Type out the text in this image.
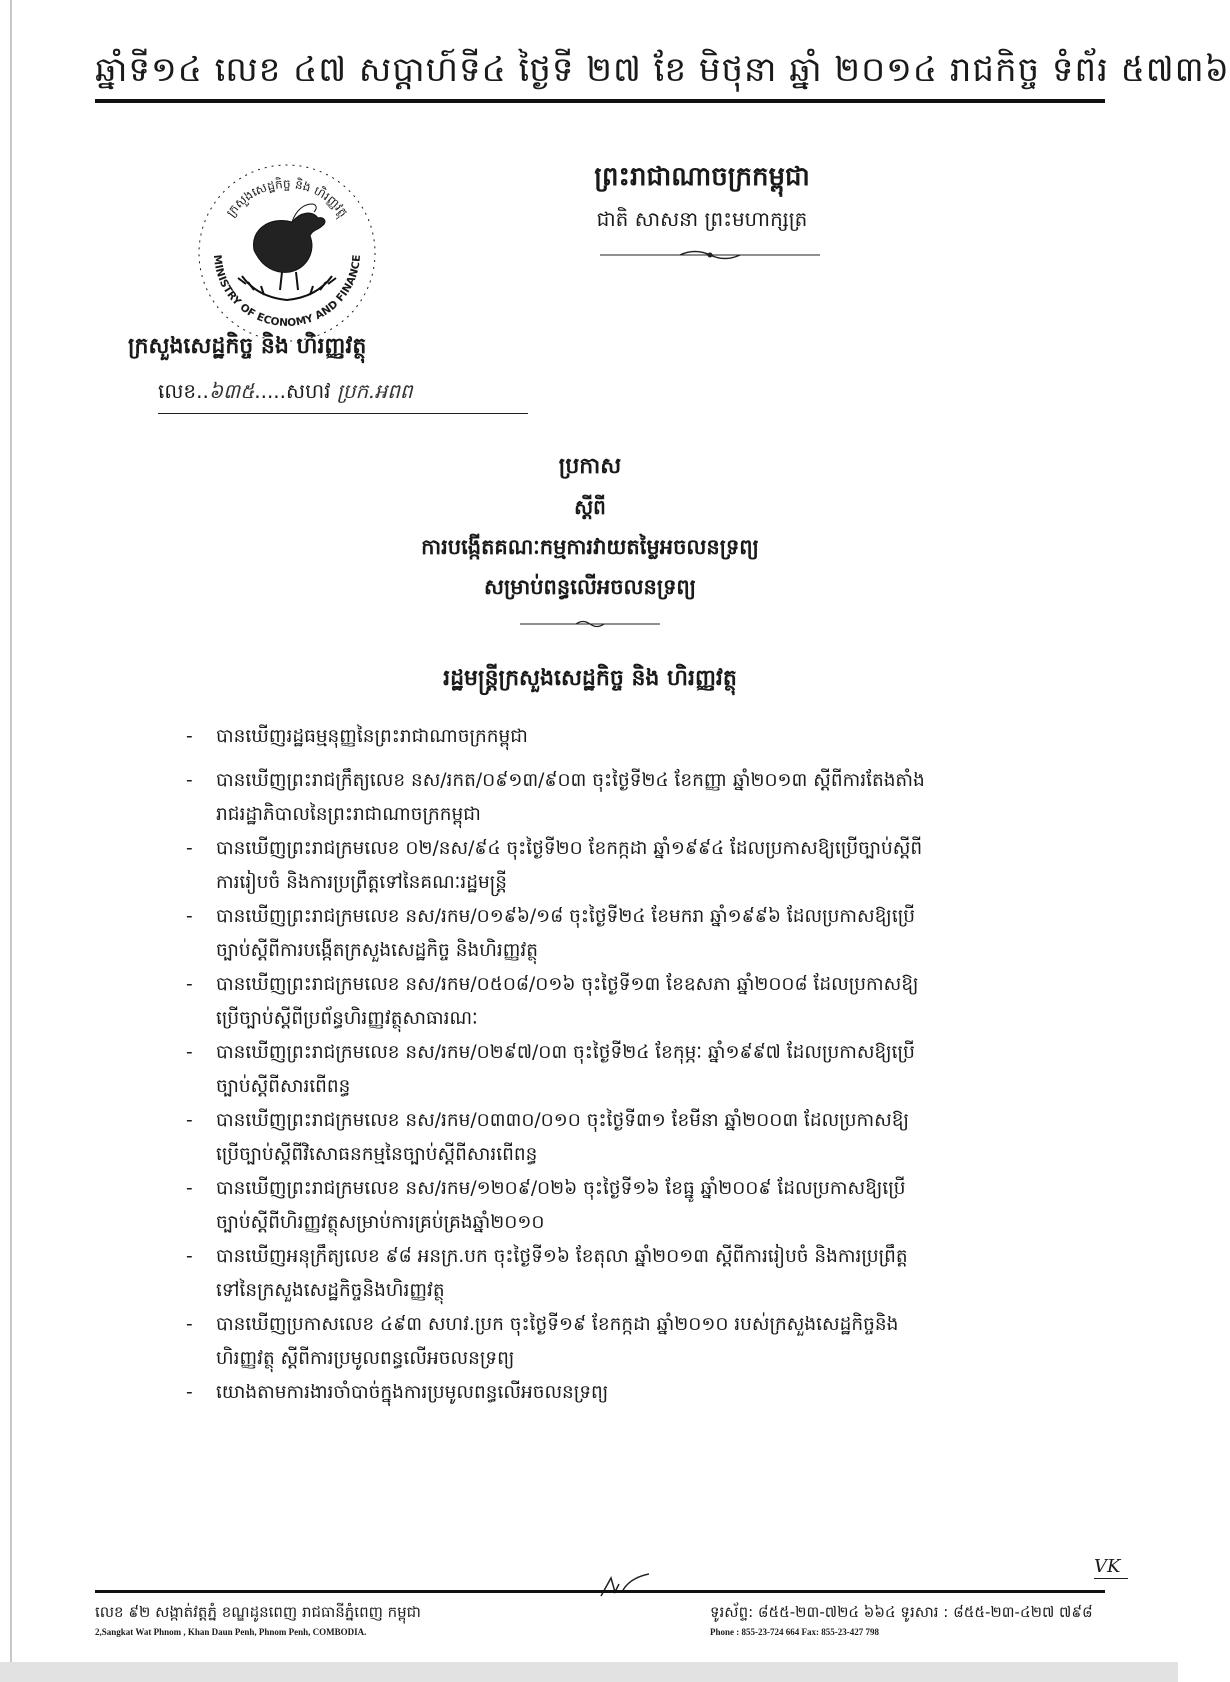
ឆ្នាំទី១៤ លេខ ៤៧ សប្តាហ៍ទី៤ ថ្ងៃទី ២៧ ខែ មិថុនា ឆ្នាំ ២០១៤ រាជកិច្ច ទំព័រ ៥៧៣៦
ក្រសួងសេដ្ឋកិច្ច និង ហិរញ្ញវត្ថុ
MINISTRY OF ECONOMY AND FINANCE
ក្រសួងសេដ្ឋកិច្ច និង ហិរញ្ញវត្ថុ
លេខ..៦៣៥.....សហវ ប្រក.អពព
ព្រះរាជាណាចក្រកម្ពុជា
ជាតិ សាសនា ព្រះមហាក្សត្រ
ប្រកាស
ស្តីពី
ការបង្កើតគណៈកម្មការវាយតម្លៃអចលនទ្រព្យ
សម្រាប់ពន្ធលើអចលនទ្រព្យ
រដ្ឋមន្ត្រីក្រសួងសេដ្ឋកិច្ច និង ហិរញ្ញវត្ថុ
- បានឃើញរដ្ឋធម្មនុញ្ញនៃព្រះរាជាណាចក្រកម្ពុជា
- បានឃើញព្រះរាជក្រឹត្យលេខ នស/រកត/០៩១៣/៩០៣ ចុះថ្ងៃទី២៤ ខែកញ្ញា ឆ្នាំ២០១៣ ស្តីពីការតែងតាំង
រាជរដ្ឋាភិបាលនៃព្រះរាជាណាចក្រកម្ពុជា
- បានឃើញព្រះរាជក្រមលេខ ០២/នស/៩៤ ចុះថ្ងៃទី២០ ខែកក្កដា ឆ្នាំ១៩៩៤ ដែលប្រកាសឱ្យប្រើច្បាប់ស្តីពី
ការរៀបចំ និងការប្រព្រឹត្តទៅនៃគណៈរដ្ឋមន្ត្រី
- បានឃើញព្រះរាជក្រមលេខ នស/រកម/០១៩៦/១៨ ចុះថ្ងៃទី២៤ ខែមករា ឆ្នាំ១៩៩៦ ដែលប្រកាសឱ្យប្រើ
ច្បាប់ស្តីពីការបង្កើតក្រសួងសេដ្ឋកិច្ច និងហិរញ្ញវត្ថុ
- បានឃើញព្រះរាជក្រមលេខ នស/រកម/០៥០៨/០១៦ ចុះថ្ងៃទី១៣ ខែឧសភា ឆ្នាំ២០០៨ ដែលប្រកាសឱ្យ
ប្រើច្បាប់ស្តីពីប្រព័ន្ធហិរញ្ញវត្ថុសាធារណៈ
- បានឃើញព្រះរាជក្រមលេខ នស/រកម/០២៩៧/០៣ ចុះថ្ងៃទី២៤ ខែកុម្ភៈ ឆ្នាំ១៩៩៧ ដែលប្រកាសឱ្យប្រើ
ច្បាប់ស្តីពីសារពើពន្ធ
- បានឃើញព្រះរាជក្រមលេខ នស/រកម/០៣៣០/០១០ ចុះថ្ងៃទី៣១ ខែមីនា ឆ្នាំ២០០៣ ដែលប្រកាសឱ្យ
ប្រើច្បាប់ស្តីពីវិសោធនកម្មនៃច្បាប់ស្តីពីសារពើពន្ធ
- បានឃើញព្រះរាជក្រមលេខ នស/រកម/១២០៩/០២៦ ចុះថ្ងៃទី១៦ ខែធ្នូ ឆ្នាំ២០០៩ ដែលប្រកាសឱ្យប្រើ
ច្បាប់ស្តីពីហិរញ្ញវត្ថុសម្រាប់ការគ្រប់គ្រងឆ្នាំ២០១០
- បានឃើញអនុក្រឹត្យលេខ ៩៨ អនក្រ.បក ចុះថ្ងៃទី១៦ ខែតុលា ឆ្នាំ២០១៣ ស្តីពីការរៀបចំ និងការប្រព្រឹត្ត
ទៅនៃក្រសួងសេដ្ឋកិច្ចនិងហិរញ្ញវត្ថុ
- បានឃើញប្រកាសលេខ ៤៩៣ សហវ.ប្រក ចុះថ្ងៃទី១៩ ខែកក្កដា ឆ្នាំ២០១០ របស់ក្រសួងសេដ្ឋកិច្ចនិង
ហិរញ្ញវត្ថុ ស្តីពីការប្រមូលពន្ធលើអចលនទ្រព្យ
- យោងតាមការងារចាំបាច់ក្នុងការប្រមូលពន្ធលើអចលនទ្រព្យ
VK
លេខ ៩២ សង្កាត់វត្តភ្នំ ខណ្ឌដូនពេញ រាជធានីភ្នំពេញ កម្ពុជា
2,Sangkat Wat Phnom , Khan Daun Penh, Phnom Penh, COMBODIA.
ទូរស័ព្ទ: ៨៥៥-២៣-៧២៤ ៦៦៤ ទូរសារ : ៨៥៥-២៣-៤២៧ ៧៩៨
Phone : 855-23-724 664 Fax: 855-23-427 798
